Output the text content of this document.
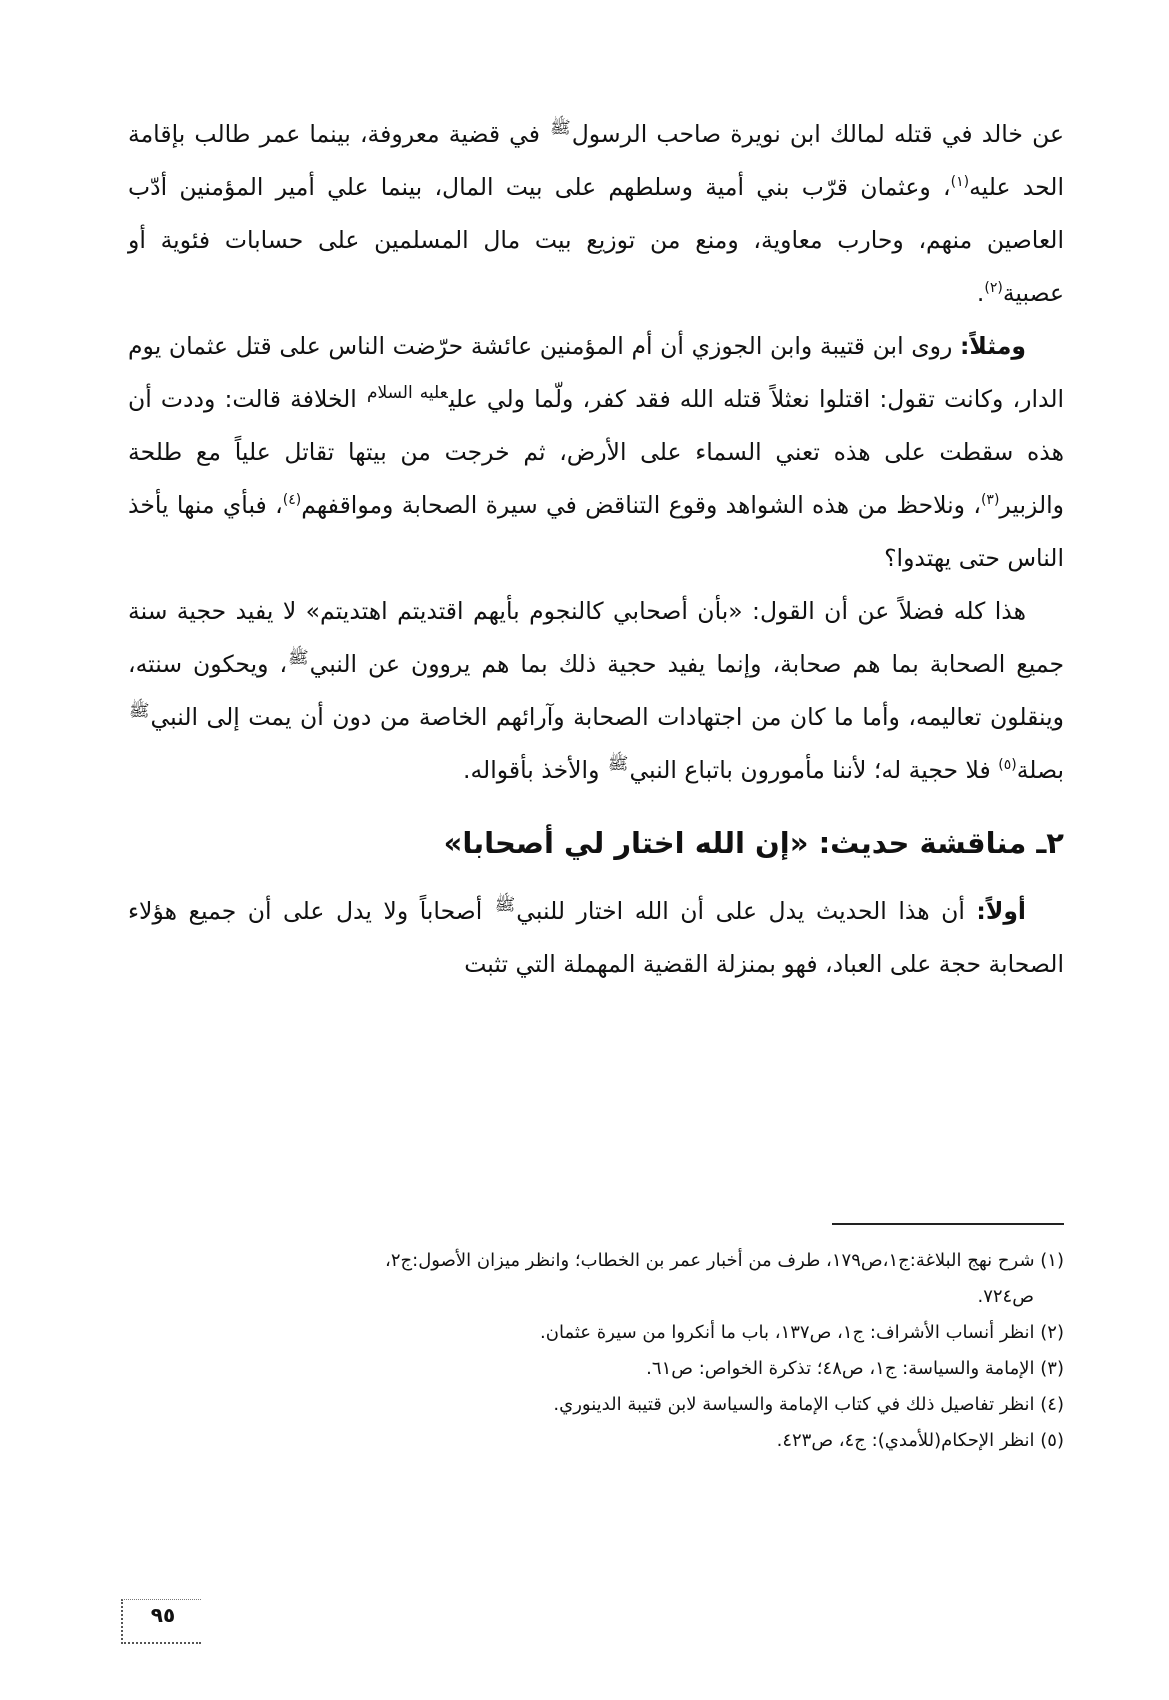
عن خالد في قتله لمالك ابن نويرة صاحب الرسول$^ﷺ$ في قضية معروفة، بينما عمر طالب بإقامة الحد عليه$^{(١)}$، وعثمان قرّب بني أمية وسلطهم على بيت المال، بينما علي أمير المؤمنين أدّب العاصين منهم، وحارب معاوية، ومنع من توزيع بيت مال المسلمين على حسابات فئوية أو عصبية$^{(٢)}$.

ومثلاً: روى ابن قتيبة وابن الجوزي أن أم المؤمنين عائشة حرّضت الناس على قتل عثمان يوم الدار، وكانت تقول: اقتلوا نعثلاً قتله الله فقد كفر، ولّما ولي علي$^{عليه السلام}$ الخلافة قالت: وددت أن هذه سقطت على هذه تعني السماء على الأرض، ثم خرجت من بيتها تقاتل علياً مع طلحة والزبير$^{(٣)}$، ونلاحظ من هذه الشواهد وقوع التناقض في سيرة الصحابة ومواقفهم$^{(٤)}$، فبأي منها يأخذ الناس حتى يهتدوا؟

هذا كله فضلاً عن أن القول: «بأن أصحابي كالنجوم بأيهم اقتديتم اهتديتم» لا يفيد حجية سنة جميع الصحابة بما هم صحابة، وإنما يفيد حجية ذلك بما هم يروون عن النبي$^ﷺ$، ويحكون سنته، وينقلون تعاليمه، وأما ما كان من اجتهادات الصحابة وآرائهم الخاصة من دون أن يمت إلى النبي$^ﷺ$ بصلة$^{(٥)}$ فلا حجية له؛ لأننا مأمورون باتباع النبي$^ﷺ$ والأخذ بأقواله.

٢ـ مناقشة حديث: «إن الله اختار لي أصحابا»

أولاً: أن هذا الحديث يدل على أن الله اختار للنبي$^ﷺ$ أصحاباً ولا يدل على أن جميع هؤلاء الصحابة حجة على العباد، فهو بمنزلة القضية المهملة التي تثبت

(١) شرح نهج البلاغة:ج١،ص١٧٩، طرف من أخبار عمر بن الخطاب؛ وانظر ميزان الأصول:ج٢،
ص٧٢٤.

(٢) انظر أنساب الأشراف: ج١، ص١٣٧، باب ما أنكروا من سيرة عثمان.

(٣) الإمامة والسياسة: ج١، ص٤٨؛ تذكرة الخواص: ص٦١.

(٤) انظر تفاصيل ذلك في كتاب الإمامة والسياسة لابن قتيبة الدينوري.

(٥) انظر الإحكام(للأمدي): ج٤، ص٤٢٣.

٩٥
